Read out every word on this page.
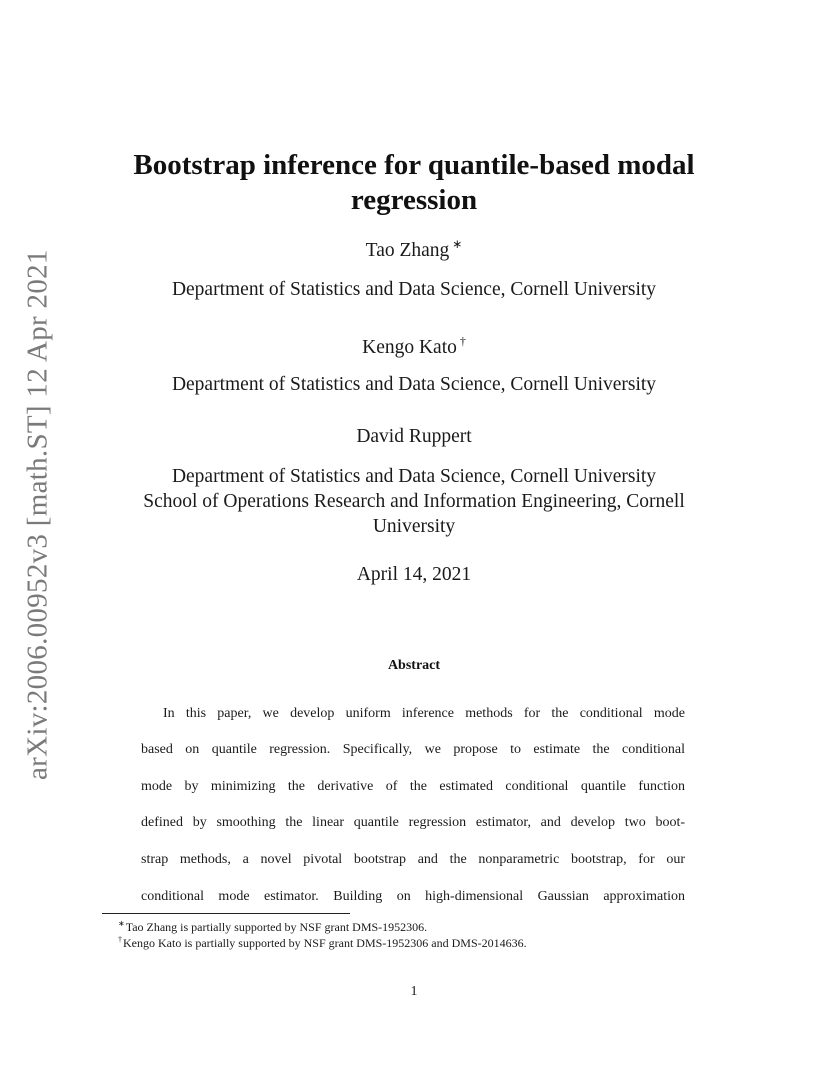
arXiv:2006.00952v3 [math.ST] 12 Apr 2021
Bootstrap inference for quantile-based modal regression
Tao Zhang ∗
Department of Statistics and Data Science, Cornell University
Kengo Kato †
Department of Statistics and Data Science, Cornell University
David Ruppert
Department of Statistics and Data Science, Cornell University
School of Operations Research and Information Engineering, Cornell University
April 14, 2021
Abstract
In this paper, we develop uniform inference methods for the conditional mode
based on quantile regression. Specifically, we propose to estimate the conditional
mode by minimizing the derivative of the estimated conditional quantile function
defined by smoothing the linear quantile regression estimator, and develop two boot-
strap methods, a novel pivotal bootstrap and the nonparametric bootstrap, for our
conditional mode estimator. Building on high-dimensional Gaussian approximation
∗Tao Zhang is partially supported by NSF grant DMS-1952306.
†Kengo Kato is partially supported by NSF grant DMS-1952306 and DMS-2014636.
1
